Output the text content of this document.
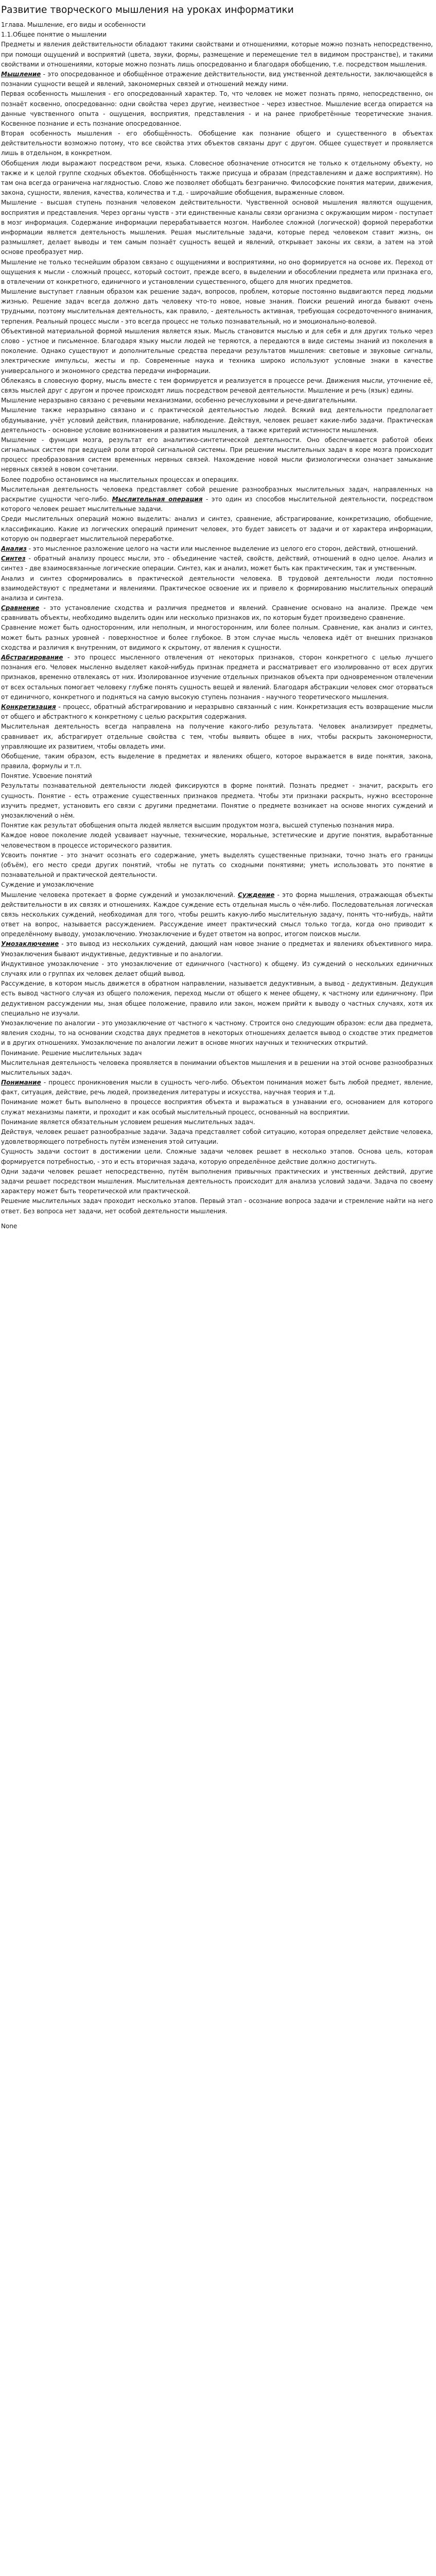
Развитие творческого мышления на уроках информатики

1глава. Мышление, его виды и особенности

1.1.Общее понятие о мышлении

Предметы и явления действительности обладают такими свойствами и отношениями, которые можно познать непосредственно, при помощи ощущений и восприятий (цвета, звуки, формы, размещение и перемещение тел в видимом пространстве), и такими свойствами и отношениями, которые можно познать лишь опосредованно и благодаря обобщению, т.е. посредством мышления.

Мышление - это опосредованное и обобщённое отражение действительности, вид умственной деятельности, заключающейся в познании сущности вещей и явлений, закономерных связей и отношений между ними.

Первая особенность мышления - его опосредованный характер. То, что человек не может познать прямо, непосредственно, он познаёт косвенно, опосредованно: одни свойства через другие, неизвестное - через известное. Мышление всегда опирается на данные чувственного опыта - ощущения, восприятия, представления - и на ранее приобретённые теоретические знания. Косвенное познание и есть познание опосредованное.

Вторая особенность мышления - его обобщённость. Обобщение как познание общего и существенного в объектах действительности возможно потому, что все свойства этих объектов связаны друг с другом. Общее существует и проявляется лишь в отдельном, в конкретном.

Обобщения люди выражают посредством речи, языка. Словесное обозначение относится не только к отдельному объекту, но также и к целой группе сходных объектов. Обобщённость также присуща и образам (представлениям и даже восприятиям). Но там она всегда ограничена наглядностью. Слово же позволяет обобщать безгранично. Философские понятия материи, движения, закона, сущности, явления, качества, количества и т.д. - широчайшие обобщения, выраженные словом.

Мышление - высшая ступень познания человеком действительности. Чувственной основой мышления являются ощущения, восприятия и представления. Через органы чувств - эти единственные каналы связи организма с окружающим миром - поступает в мозг информация. Содержание информации перерабатывается мозгом. Наиболее сложной (логической) формой переработки информации является деятельность мышления. Решая мыслительные задачи, которые перед человеком ставит жизнь, он размышляет, делает выводы и тем самым познаёт сущность вещей и явлений, открывает законы их связи, а затем на этой основе преобразует мир.

Мышление не только теснейшим образом связано с ощущениями и восприятиями, но оно формируется на основе их. Переход от ощущения к мысли - сложный процесс, который состоит, прежде всего, в выделении и обособлении предмета или признака его, в отвлечении от конкретного, единичного и установлении существенного, общего для многих предметов.

Мышление выступает главным образом как решение задач, вопросов, проблем, которые постоянно выдвигаются перед людьми жизнью. Решение задач всегда должно дать человеку что-то новое, новые знания. Поиски решений иногда бывают очень трудными, поэтому мыслительная деятельность, как правило, - деятельность активная, требующая сосредоточенного внимания, терпения. Реальный процесс мысли - это всегда процесс не только познавательный, но и эмоционально-волевой.

Объективной материальной формой мышления является язык. Мысль становится мыслью и для себя и для других только через слово - устное и письменное. Благодаря языку мысли людей не теряются, а передаются в виде системы знаний из поколения в поколение. Однако существуют и дополнительные средства передачи результатов мышления: световые и звуковые сигналы, электрические импульсы, жесты и пр. Современные наука и техника широко используют условные знаки в качестве универсального и экономного средства передачи информации.

Облекаясь в словесную форму, мысль вместе с тем формируется и реализуется в процессе речи. Движения мысли, уточнение её, связь мыслей друг с другом и прочее происходят лишь посредством речевой деятельности. Мышление и речь (язык) едины.

Мышление неразрывно связано с речевыми механизмами, особенно речеслуховыми и рече-двигательными.

Мышление также неразрывно связано и с практической деятельностью людей. Всякий вид деятельности предполагает обдумывание, учёт условий действия, планирование, наблюдение. Действуя, человек решает какие-либо задачи. Практическая деятельность - основное условие возникновения и развития мышления, а также критерий истинности мышления.

Мышление - функция мозга, результат его аналитико-синтетической деятельности. Оно обеспечивается работой обеих сигнальных систем при ведущей роли второй сигнальной системы. При решении мыслительных задач в коре мозга происходит процесс преобразования систем временных нервных связей. Нахождение новой мысли физиологически означает замыкание нервных связей в новом сочетании.

Более подробно остановимся на мыслительных процессах и операциях.

Мыслительная деятельность человека представляет собой решение разнообразных мыслительных задач, направленных на раскрытие сущности чего-либо. Мыслительная операция - это один из способов мыслительной деятельности, посредством которого человек решает мыслительные задачи.

Среди мыслительных операций можно выделить: анализ и синтез, сравнение, абстрагирование, конкретизацию, обобщение, классификацию. Какие из логических операций применит человек, это будет зависеть от задачи и от характера информации, которую он подвергает мыслительной переработке.

Анализ - это мысленное разложение целого на части или мысленное выделение из целого его сторон, действий, отношений.

Синтез - обратный анализу процесс мысли, это - объединение частей, свойств, действий, отношений в одно целое. Анализ и синтез - две взаимосвязанные логические операции. Синтез, как и анализ, может быть как практическим, так и умственным.

Анализ и синтез сформировались в практической деятельности человека. В трудовой деятельности люди постоянно взаимодействуют с предметами и явлениями. Практическое освоение их и привело к формированию мыслительных операций анализа и синтеза.

Сравнение - это установление сходства и различия предметов и явлений. Сравнение основано на анализе. Прежде чем сравнивать объекты, необходимо выделить один или несколько признаков их, по которым будет произведено сравнение.

Сравнение может быть односторонним, или неполным, и многосторонним, или более полным. Сравнение, как анализ и синтез, может быть разных уровней - поверхностное и более глубокое. В этом случае мысль человека идёт от внешних признаков сходства и различия к внутренним, от видимого к скрытому, от явления к сущности.

Абстрагирование - это процесс мысленного отвлечения от некоторых признаков, сторон конкретного с целью лучшего познания его. Человек мысленно выделяет какой-нибудь признак предмета и рассматривает его изолированно от всех других признаков, временно отвлекаясь от них. Изолированное изучение отдельных признаков объекта при одновременном отвлечении от всех остальных помогает человеку глубже понять сущность вещей и явлений. Благодаря абстракции человек смог оторваться от единичного, конкретного и подняться на самую высокую ступень познания - научного теоретического мышления.

Конкретизация - процесс, обратный абстрагированию и неразрывно связанный с ним. Конкретизация есть возвращение мысли от общего и абстрактного к конкретному с целью раскрытия содержания.

Мыслительная деятельность всегда направлена на получение какого-либо результата. Человек анализирует предметы, сравнивает их, абстрагирует отдельные свойства с тем, чтобы выявить общее в них, чтобы раскрыть закономерности, управляющие их развитием, чтобы овладеть ими.

Обобщение, таким образом, есть выделение в предметах и явлениях общего, которое выражается в виде понятия, закона, правила, формулы и т.п.

Понятие. Усвоение понятий

Результаты познавательной деятельности людей фиксируются в форме понятий. Познать предмет - значит, раскрыть его сущность. Понятие - есть отражение существенных признаков предмета. Чтобы эти признаки раскрыть, нужно всесторонне изучить предмет, установить его связи с другими предметами. Понятие о предмете возникает на основе многих суждений и умозаключений о нём.

Понятие как результат обобщения опыта людей является высшим продуктом мозга, высшей ступенью познания мира.

Каждое новое поколение людей усваивает научные, технические, моральные, эстетические и другие понятия, выработанные человечеством в процессе исторического развития.

Усвоить понятие - это значит осознать его содержание, уметь выделять существенные признаки, точно знать его границы (объём), его место среди других понятий, чтобы не путать со сходными понятиями; уметь использовать это понятие в познавательной и практической деятельности.

Суждение и умозаключение

Мышление человека протекает в форме суждений и умозаключений. Суждение - это форма мышления, отражающая объекты действительности в их связях и отношениях. Каждое суждение есть отдельная мысль о чём-либо. Последовательная логическая связь нескольких суждений, необходимая для того, чтобы решить какую-либо мыслительную задачу, понять что-нибудь, найти ответ на вопрос, называется рассуждением. Рассуждение имеет практический смысл только тогда, когда оно приводит к определённому выводу, умозаключению. Умозаключение и будет ответом на вопрос, итогом поисков мысли.

Умозаключение - это вывод из нескольких суждений, дающий нам новое знание о предметах и явлениях объективного мира. Умозаключения бывают индуктивные, дедуктивные и по аналогии.

Индуктивное умозаключение - это умозаключение от единичного (частного) к общему. Из суждений о нескольких единичных случаях или о группах их человек делает общий вывод.

Рассуждение, в котором мысль движется в обратном направлении, называется дедуктивным, а вывод - дедуктивным. Дедукция есть вывод частного случая из общего положения, переход мысли от общего к менее общему, к частному или единичному. При дедуктивном рассуждении мы, зная общее положение, правило или закон, можем прийти к выводу о частных случаях, хотя их специально не изучали.

Умозаключение по аналогии - это умозаключение от частного к частному. Строится оно следующим образом: если два предмета, явления сходны, то на основании сходства двух предметов в некоторых отношениях делается вывод о сходстве этих предметов и в других отношениях. Умозаключение по аналогии лежит в основе многих научных и технических открытий.

Понимание. Решение мыслительных задач

Мыслительная деятельность человека проявляется в понимании объектов мышления и в решении на этой основе разнообразных мыслительных задач.

Понимание - процесс проникновения мысли в сущность чего-либо. Объектом понимания может быть любой предмет, явление, факт, ситуация, действие, речь людей, произведения литературы и искусства, научная теория и т.д.

Понимание может быть выполнено в процессе восприятия объекта и выражаться в узнавании его, основанием для которого служат механизмы памяти, и проходит и как особый мыслительный процесс, основанный на восприятии.

Понимание является обязательным условием решения мыслительных задач.

Действуя, человек решает разнообразные задачи. Задача представляет собой ситуацию, которая определяет действие человека, удовлетворяющего потребность путём изменения этой ситуации.

Сущность задачи состоит в достижении цели. Сложные задачи человек решает в несколько этапов. Основа цель, которая формируется потребностью, - это и есть вторичная задача, которую определённое действие должно достигнуть.

Одни задачи человек решает непосредственно, путём выполнения привычных практических и умственных действий, другие задачи решает посредством мышления. Мыслительная деятельность происходит для анализа условий задачи. Задача по своему характеру может быть теоретической или практической.

Решение мыслительных задач проходит несколько этапов. Первый этап - осознание вопроса задачи и стремление найти на него ответ. Без вопроса нет задачи, нет особой деятельности мышления.

None
